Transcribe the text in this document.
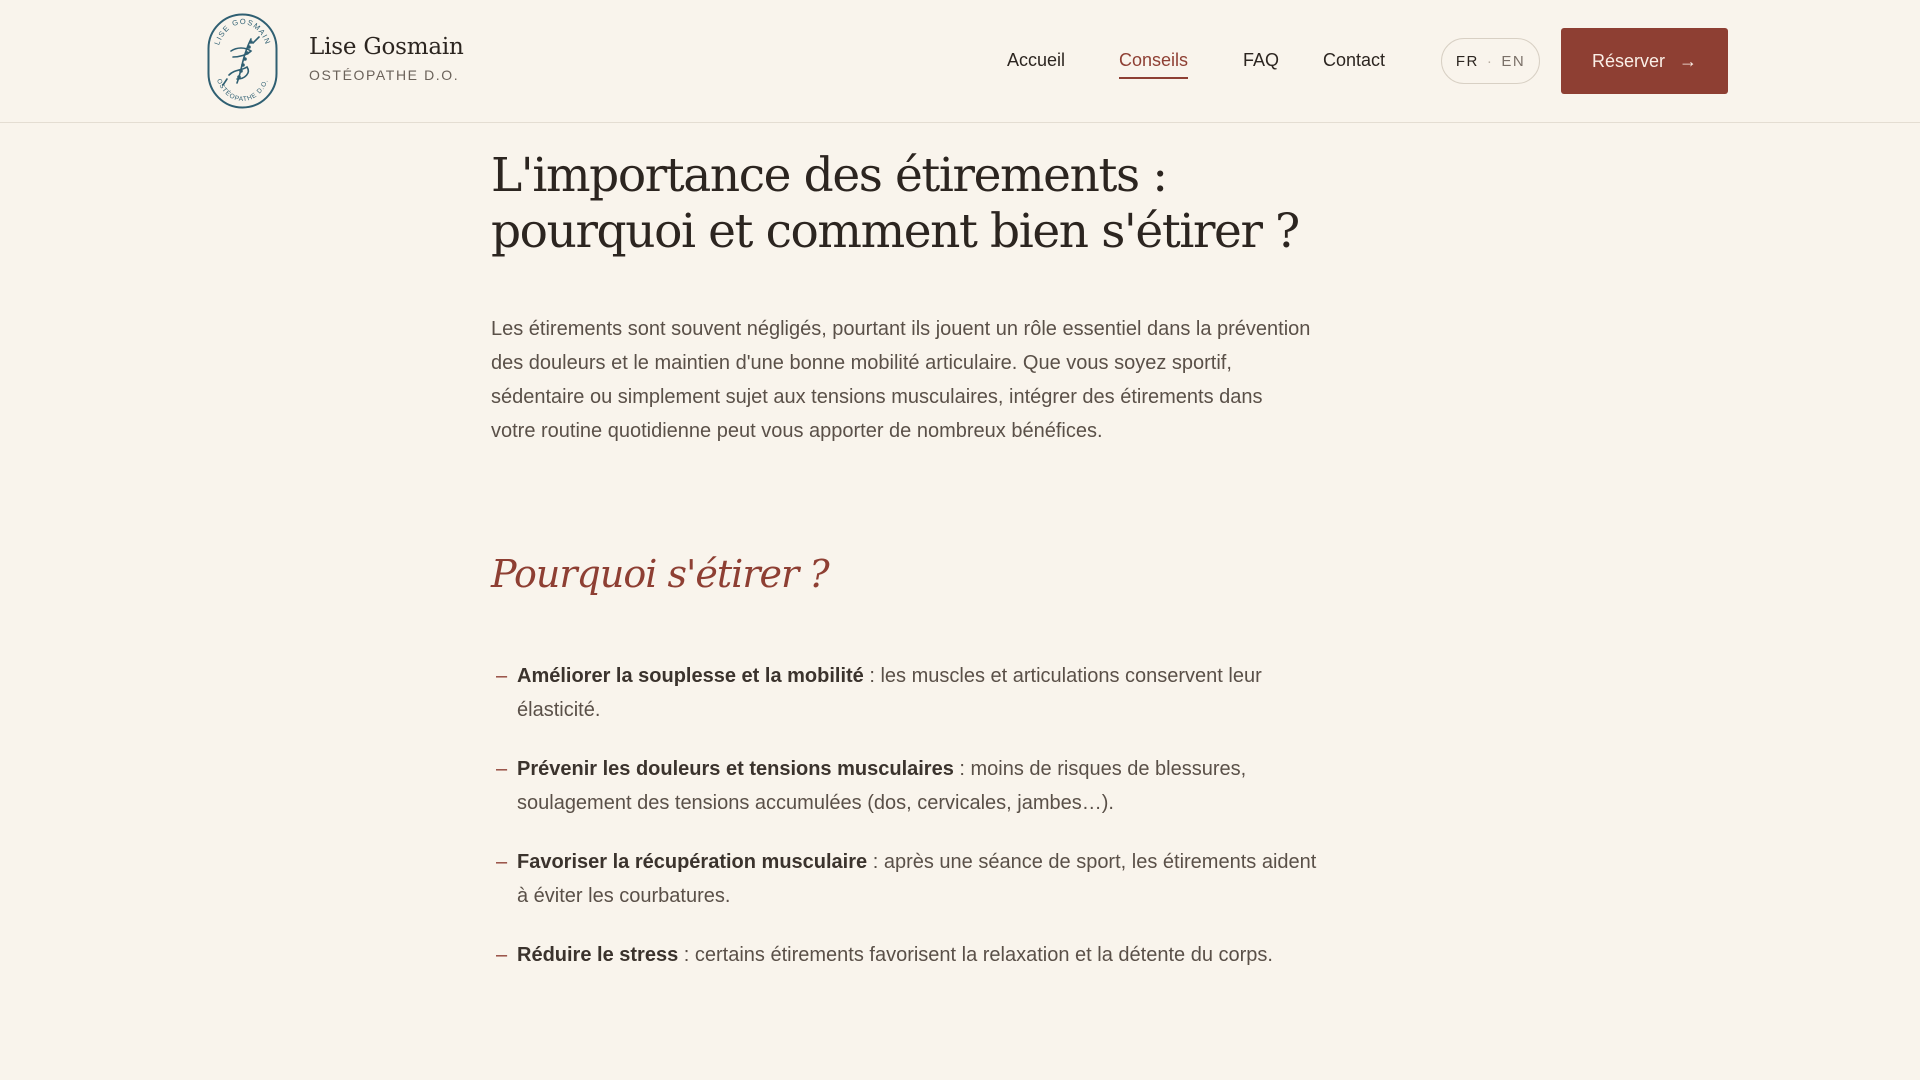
LISE GOSMAIN
OSTÉOPATHE D.O.
Lise Gosmain
OSTÉOPATHE D.O.
Accueil	Conseils	FAQ Contact	FR · EN	Réserver →
L'importance des étirements :
pourquoi et comment bien s'étirer ?

Les étirements sont souvent négligés, pourtant ils jouent un rôle essentiel dans la prévention des douleurs et le maintien d'une bonne mobilité articulaire. Que vous soyez sportif, sédentaire ou simplement sujet aux tensions musculaires, intégrer des étirements dans votre routine quotidienne peut vous apporter de nombreux bénéfices.

Pourquoi s'étirer ?
– Améliorer la souplesse et la mobilité : les muscles et articulations conservent leur élasticité.
– Prévenir les douleurs et tensions musculaires : moins de risques de blessures, soulagement des tensions accumulées (dos, cervicales, jambes…).
– Favoriser la récupération musculaire : après une séance de sport, les étirements aident à éviter les courbatures.
– Réduire le stress : certains étirements favorisent la relaxation et la détente du corps.
